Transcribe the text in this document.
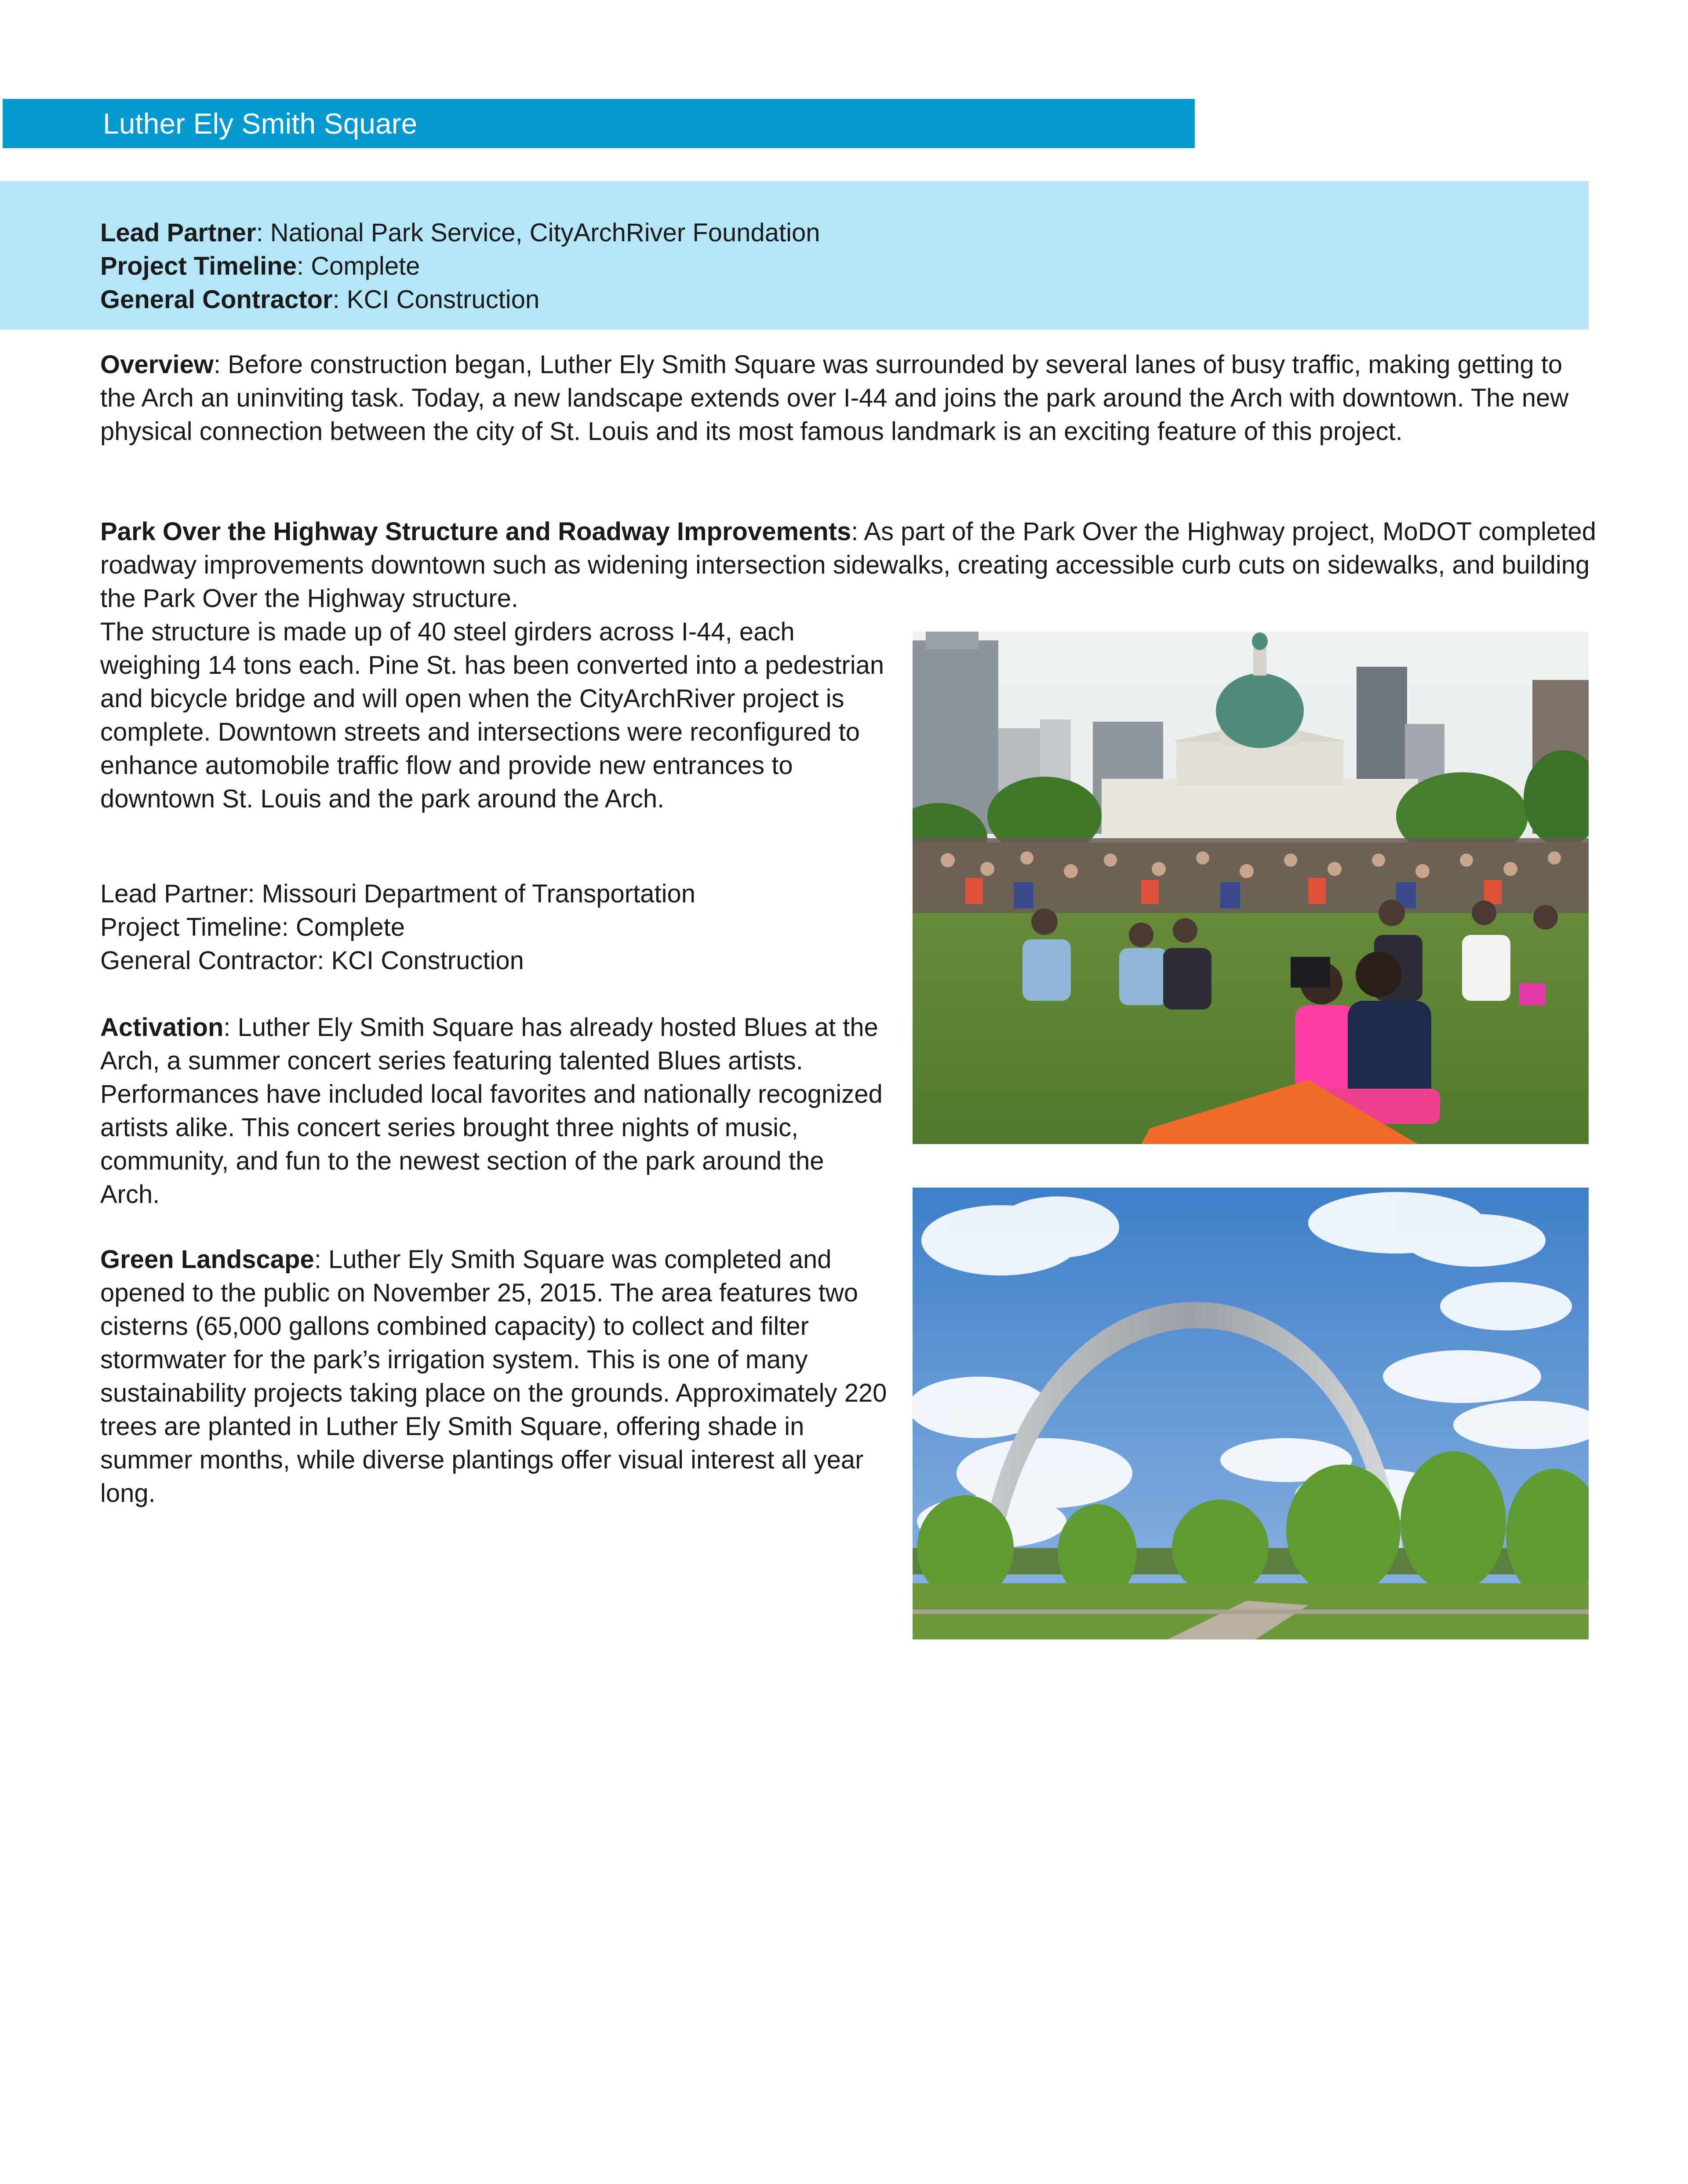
Luther Ely Smith Square
Lead Partner: National Park Service, CityArchRiver Foundation
Project Timeline: Complete
General Contractor: KCI Construction
Overview: Before construction began, Luther Ely Smith Square was surrounded by several lanes of busy traffic, making getting to the Arch an uninviting task. Today, a new landscape extends over I-44 and joins the park around the Arch with downtown. The new physical connection between the city of St. Louis and its most famous landmark is an exciting feature of this project.
Park Over the Highway Structure and Roadway Improvements: As part of the Park Over the Highway project, MoDOT completed roadway improvements downtown such as widening intersection sidewalks, creating accessible curb cuts on sidewalks, and building the Park Over the Highway structure.
The structure is made up of 40 steel girders across I-44, each weighing 14 tons each. Pine St. has been converted into a pedestrian and bicycle bridge and will open when the CityArchRiver project is complete. Downtown streets and intersections were reconfigured to enhance automobile traffic flow and provide new entrances to downtown St. Louis and the park around the Arch.
Lead Partner: Missouri Department of Transportation
Project Timeline: Complete
General Contractor: KCI Construction
Activation: Luther Ely Smith Square has already hosted Blues at the Arch, a summer concert series featuring talented Blues artists. Performances have included local favorites and nationally recognized artists alike. This concert series brought three nights of music, community, and fun to the newest section of the park around the Arch.
Green Landscape: Luther Ely Smith Square was completed and opened to the public on November 25, 2015. The area features two cisterns (65,000 gallons combined capacity) to collect and filter stormwater for the park’s irrigation system. This is one of many sustainability projects taking place on the grounds. Approximately 220 trees are planted in Luther Ely Smith Square, offering shade in summer months, while diverse plantings offer visual interest all year long.
